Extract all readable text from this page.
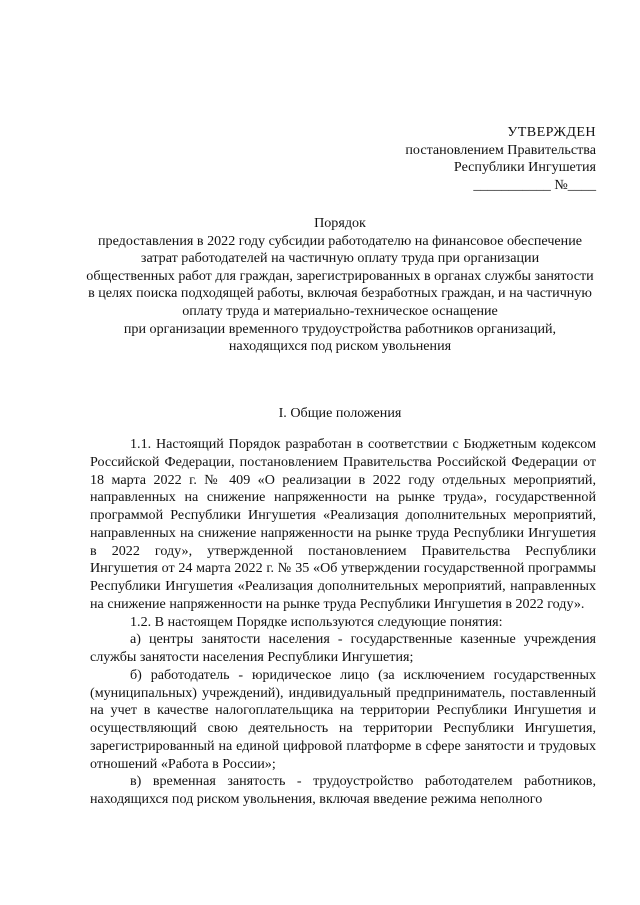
УТВЕРЖДЕН
постановлением Правительства
Республики Ингушетия
___________ №____
Порядок
предоставления в 2022 году субсидии работодателю на финансовое обеспечение затрат работодателей на частичную оплату труда при организации
общественных работ для граждан, зарегистрированных в органах службы занятости в целях поиска подходящей работы, включая безработных граждан, и на частичную оплату труда и материально-техническое оснащение
при организации временного трудоустройства работников организаций, находящихся под риском увольнения
I. Общие положения

1.1. Настоящий Порядок разработан в соответствии с Бюджетным кодексом Российской Федерации, постановлением Правительства Российской Федерации от 18 марта 2022 г. № 409 «О реализации в 2022 году отдельных мероприятий, направленных на снижение напряженности на рынке труда», государственной программой Республики Ингушетия «Реализация дополнительных мероприятий, направленных на снижение напряженности на рынке труда Республики Ингушетия в 2022 году», утвержденной постановлением Правительства Республики Ингушетия от 24 марта 2022 г. № 35 «Об утверждении государственной программы Республики Ингушетия «Реализация дополнительных мероприятий, направленных на снижение напряженности на рынке труда Республики Ингушетия в 2022 году».

1.2. В настоящем Порядке используются следующие понятия:

а) центры занятости населения - государственные казенные учреждения службы занятости населения Республики Ингушетия;

б) работодатель - юридическое лицо (за исключением государственных (муниципальных) учреждений), индивидуальный предприниматель, поставленный на учет в качестве налогоплательщика на территории Республики Ингушетия и осуществляющий свою деятельность на территории Республики Ингушетия, зарегистрированный на единой цифровой платформе в сфере занятости и трудовых отношений «Работа в России»;

в) временная занятость - трудоустройство работодателем работников, находящихся под риском увольнения, включая введение режима неполного
